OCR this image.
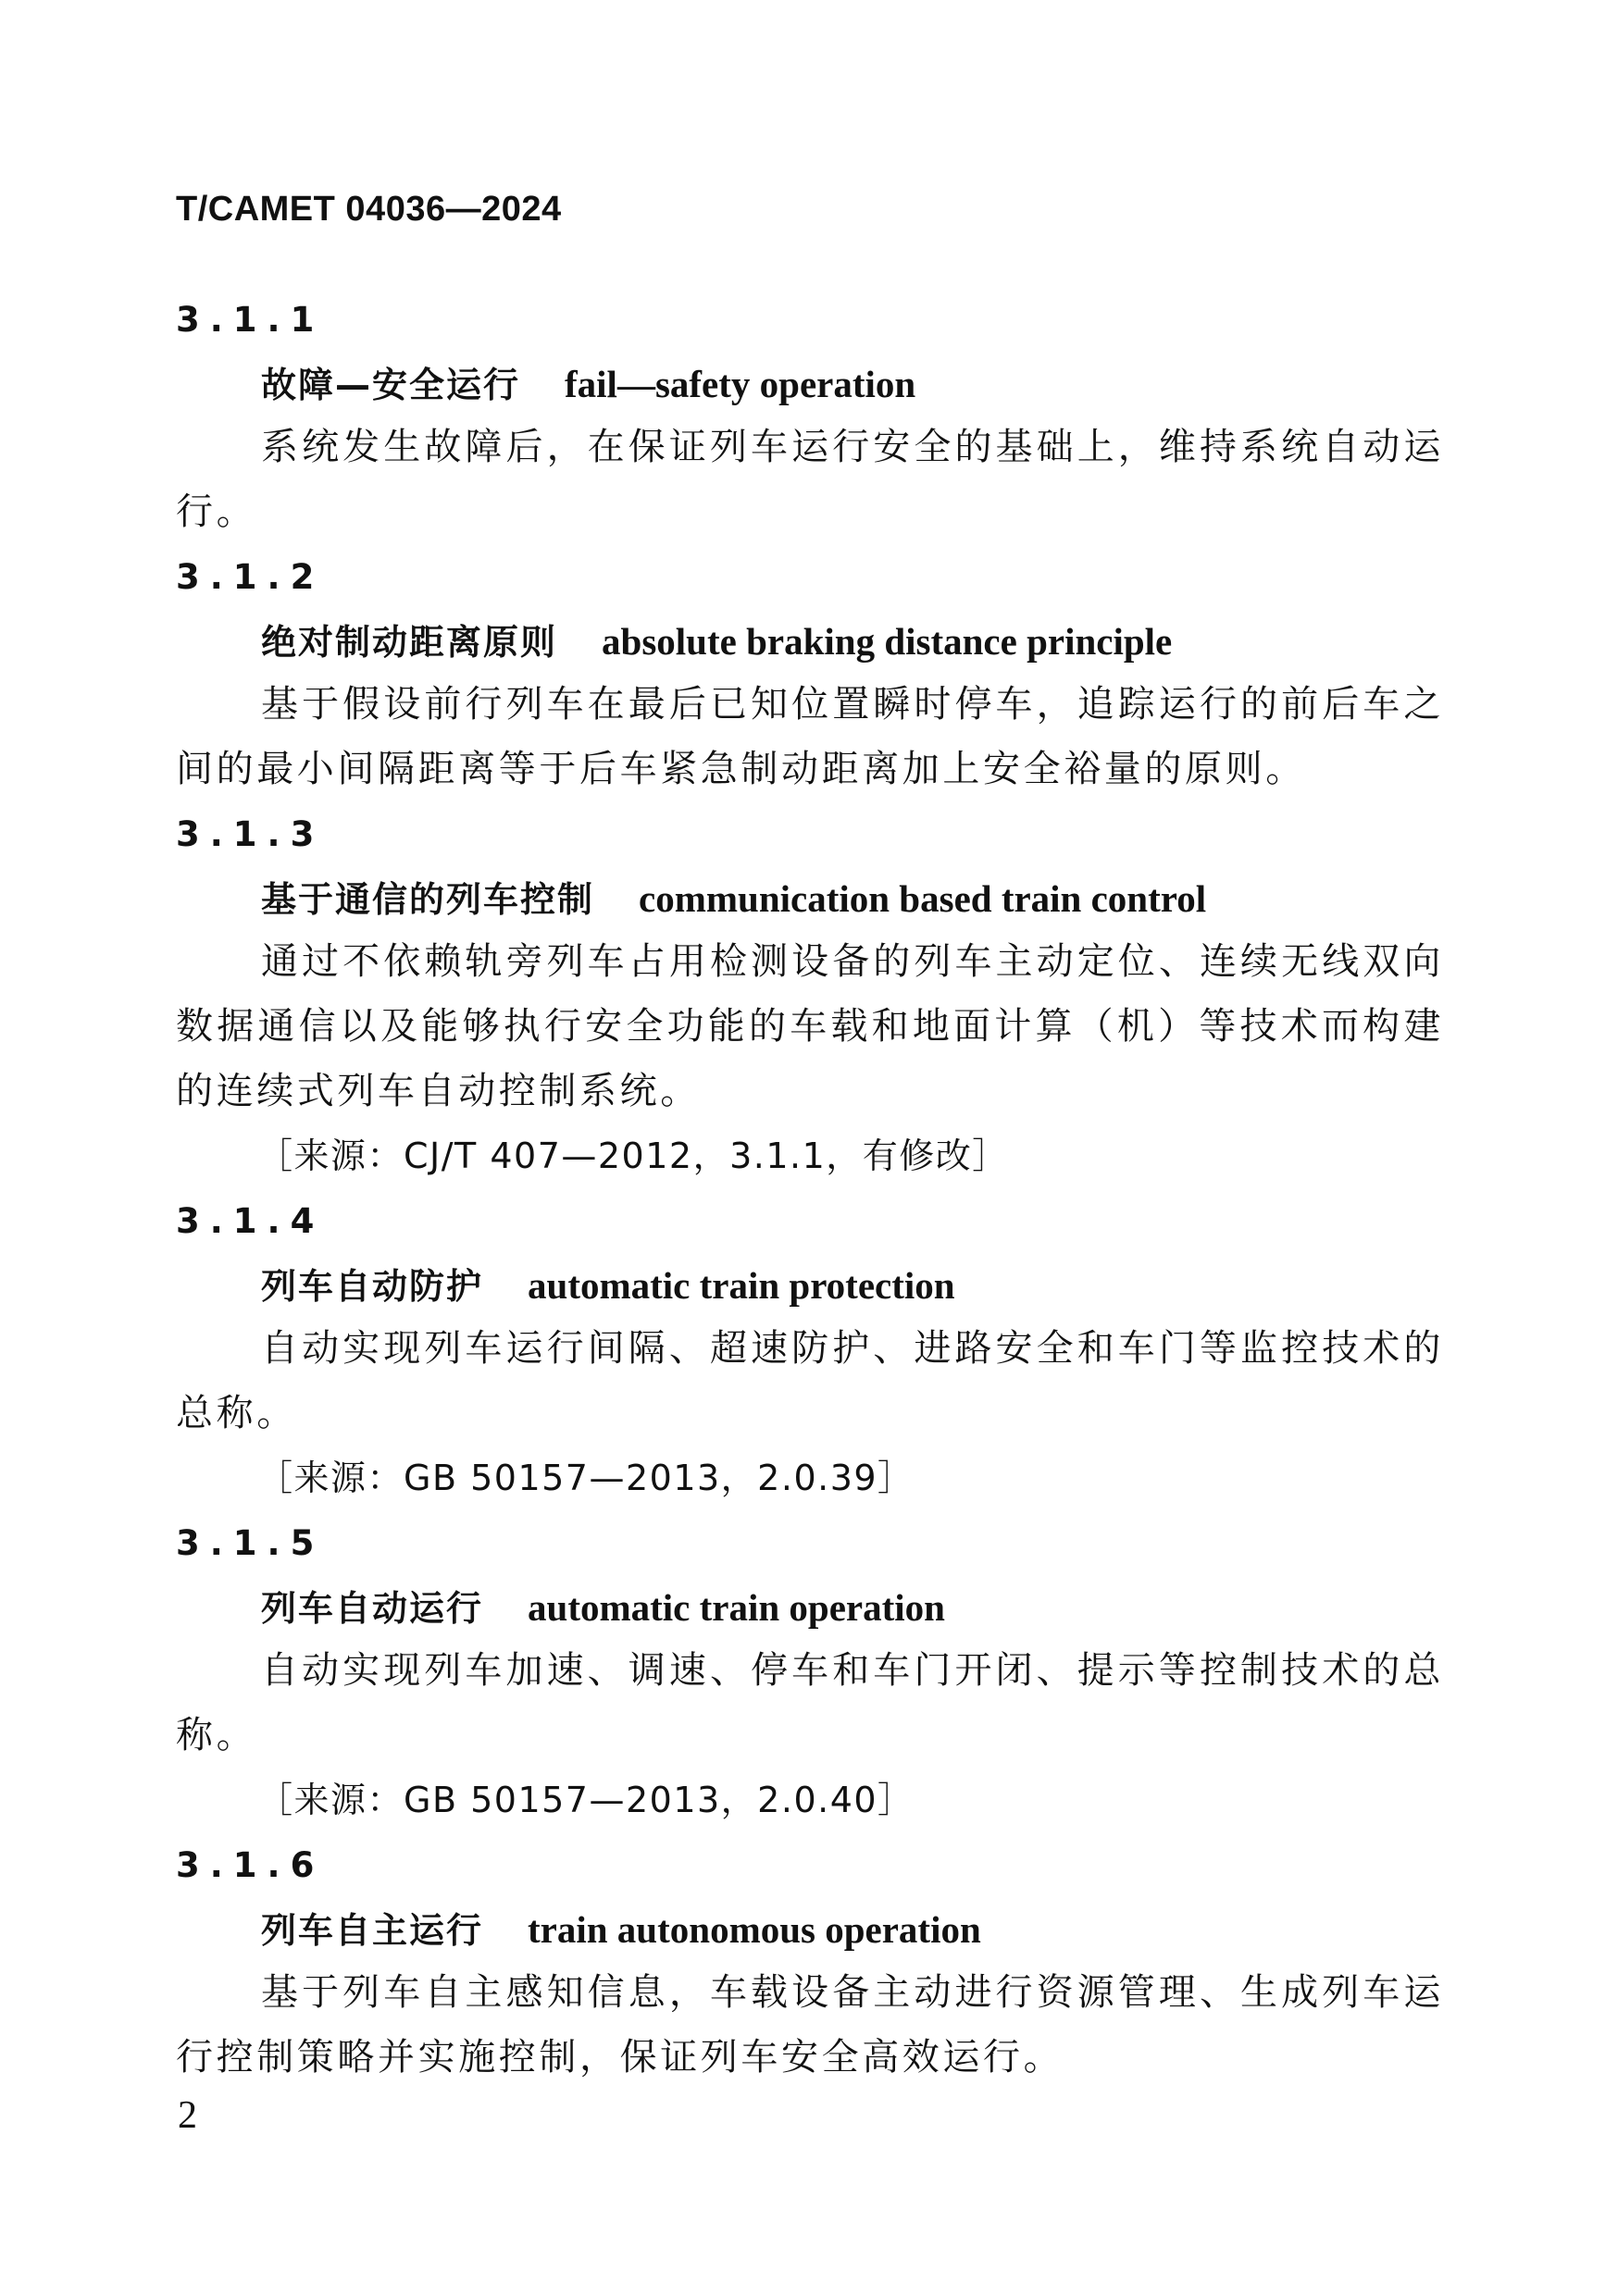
T/CAMET 04036—2024
3.1.1
故障—安全运行 fail—safety operation
系统发生故障后，在保证列车运行安全的基础上，维持系统自动运行。
3.1.2
绝对制动距离原则 absolute braking distance principle
基于假设前行列车在最后已知位置瞬时停车，追踪运行的前后车之间的最小间隔距离等于后车紧急制动距离加上安全裕量的原则。
3.1.3
基于通信的列车控制 communication based train control
通过不依赖轨旁列车占用检测设备的列车主动定位、连续无线双向数据通信以及能够执行安全功能的车载和地面计算（机）等技术而构建的连续式列车自动控制系统。
［来源：CJ/T 407—2012，3.1.1，有修改］
3.1.4
列车自动防护 automatic train protection
自动实现列车运行间隔、超速防护、进路安全和车门等监控技术的总称。
［来源：GB 50157—2013，2.0.39］
3.1.5
列车自动运行 automatic train operation
自动实现列车加速、调速、停车和车门开闭、提示等控制技术的总称。
［来源：GB 50157—2013，2.0.40］
3.1.6
列车自主运行 train autonomous operation
基于列车自主感知信息，车载设备主动进行资源管理、生成列车运行控制策略并实施控制，保证列车安全高效运行。
2
